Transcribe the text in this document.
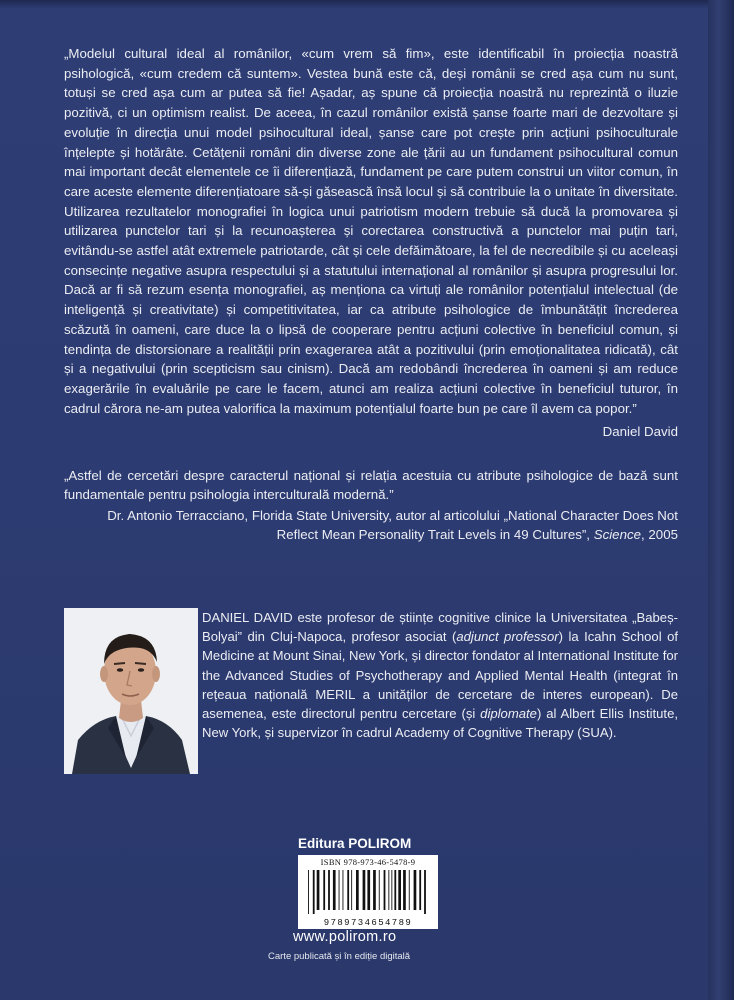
„Modelul cultural ideal al românilor, «cum vrem să fim», este identificabil în proiecția noastră psihologică, «cum credem că suntem». Vestea bună este că, deși românii se cred așa cum nu sunt, totuși se cred așa cum ar putea să fie! Așadar, aș spune că proiecția noastră nu reprezintă o iluzie pozitivă, ci un optimism realist. De aceea, în cazul românilor există șanse foarte mari de dezvoltare și evoluție în direcția unui model psihocultural ideal, șanse care pot crește prin acțiuni psihoculturale înțelepte și hotărâte. Cetățenii români din diverse zone ale țării au un fundament psihocultural comun mai important decât elementele ce îi diferențiază, fundament pe care putem construi un viitor comun, în care aceste elemente diferențiatoare să-și găsească însă locul și să contribuie la o unitate în diversitate. Utilizarea rezultatelor monografiei în logica unui patriotism modern trebuie să ducă la promovarea și utilizarea punctelor tari și la recunoașterea și corectarea constructivă a punctelor mai puțin tari, evitându-se astfel atât extremele patriotarde, cât și cele defăimătoare, la fel de necredibile și cu aceleași consecințe negative asupra respectului și a statutului internațional al românilor și asupra progresului lor. Dacă ar fi să rezum esența monografiei, aș menționa ca virtuți ale românilor potențialul intelectual (de inteligență și creativitate) și competitivitatea, iar ca atribute psihologice de îmbunătățit încrederea scăzută în oameni, care duce la o lipsă de cooperare pentru acțiuni colective în beneficiul comun, și tendința de distorsionare a realității prin exagerarea atât a pozitivului (prin emoționalitatea ridicată), cât și a negativului (prin scepticism sau cinism). Dacă am redobândi încrederea în oameni și am reduce exagerările în evaluările pe care le facem, atunci am realiza acțiuni colective în beneficiul tuturor, în cadrul cărora ne-am putea valorifica la maximum potențialul foarte bun pe care îl avem ca popor.”

Daniel David

„Astfel de cercetări despre caracterul național și relația acestuia cu atribute psihologice de bază sunt fundamentale pentru psihologia interculturală modernă.”

Dr. Antonio Terracciano, Florida State University, autor al articolului „National Character Does Not Reflect Mean Personality Trait Levels in 49 Cultures”, Science, 2005

DANIEL DAVID este profesor de științe cognitive clinice la Universitatea „Babeș-Bolyai” din Cluj-Napoca, profesor asociat (adjunct professor) la Icahn School of Medicine at Mount Sinai, New York, și director fondator al International Institute for the Advanced Studies of Psychotherapy and Applied Mental Health (integrat în rețeaua națională MERIL a unităților de cercetare de interes european). De asemenea, este directorul pentru cercetare (și diplomate) al Albert Ellis Institute, New York, și supervizor în cadrul Academy of Cognitive Therapy (SUA).

Editura POLIROM
ISBN 978-973-46-5478-9
9789734654789
www.polirom.ro
Carte publicată și în ediție digitală
